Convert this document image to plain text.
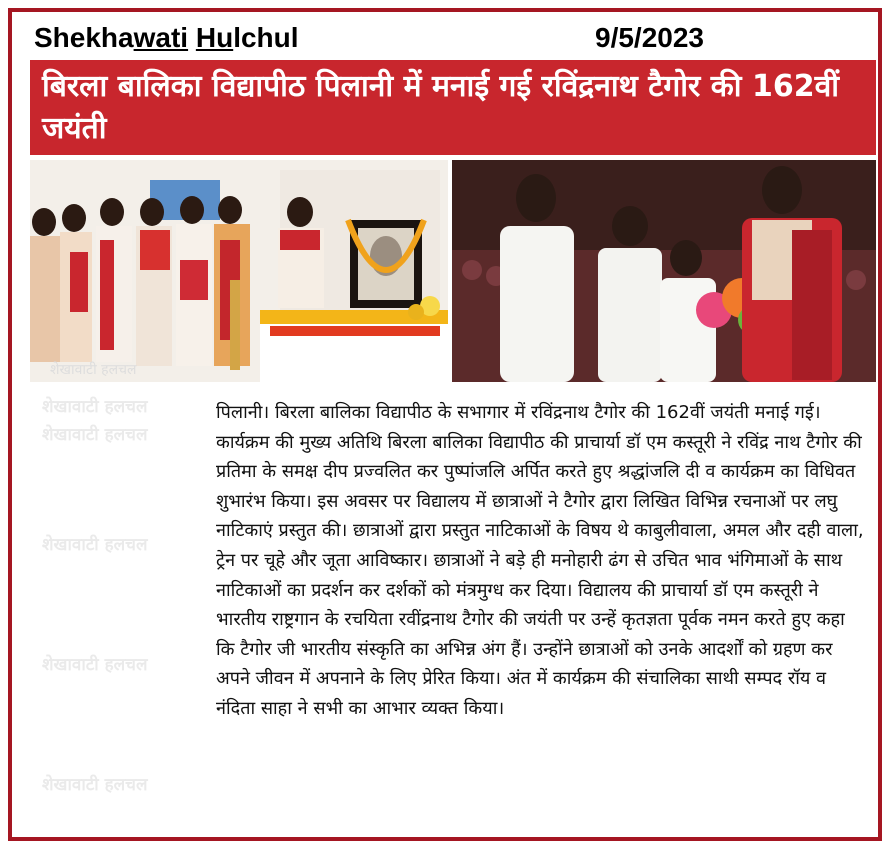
Shekhawati Hulchul	9/5/2023

बिरला बालिका विद्यापीठ पिलानी में मनाई गई रविंद्रनाथ टैगोर की 162वीं जयंती

शेखावाटी हलचल
शेखावाटी हलचल
शेखावाटी हलचल
शेखावाटी हलचल
शेखावाटी हलचल
शेखावाटी हलचल

पिलानी। बिरला बालिका विद्यापीठ के सभागार में रविंद्रनाथ टैगोर की 162वीं जयंती मनाई गई। कार्यक्रम की मुख्य अतिथि बिरला बालिका विद्यापीठ की प्राचार्या डॉ एम कस्तूरी ने रविंद्र नाथ टैगोर की प्रतिमा के समक्ष दीप प्रज्वलित कर पुष्पांजलि अर्पित करते हुए श्रद्धांजलि दी व कार्यक्रम का विधिवत शुभारंभ किया। इस अवसर पर विद्यालय में छात्राओं ने टैगोर द्वारा लिखित विभिन्न रचनाओं पर लघु नाटिकाएं प्रस्तुत की। छात्राओं द्वारा प्रस्तुत नाटिकाओं के विषय थे काबुलीवाला, अमल और दही वाला, ट्रेन पर चूहे और जूता आविष्कार। छात्राओं ने बड़े ही मनोहारी ढंग से उचित भाव भंगिमाओं के साथ नाटिकाओं का प्रदर्शन कर दर्शकों को मंत्रमुग्ध कर दिया। विद्यालय की प्राचार्या डॉ एम कस्तूरी ने भारतीय राष्ट्रगान के रचयिता रवींद्रनाथ टैगोर की जयंती पर उन्हें कृतज्ञता पूर्वक नमन करते हुए कहा कि टैगोर जी भारतीय संस्कृति का अभिन्न अंग हैं। उन्होंने छात्राओं को उनके आदर्शों को ग्रहण कर अपने जीवन में अपनाने के लिए प्रेरित किया। अंत में कार्यक्रम की संचालिका साथी सम्पद रॉय व नंदिता साहा ने सभी का आभार व्यक्त किया।
